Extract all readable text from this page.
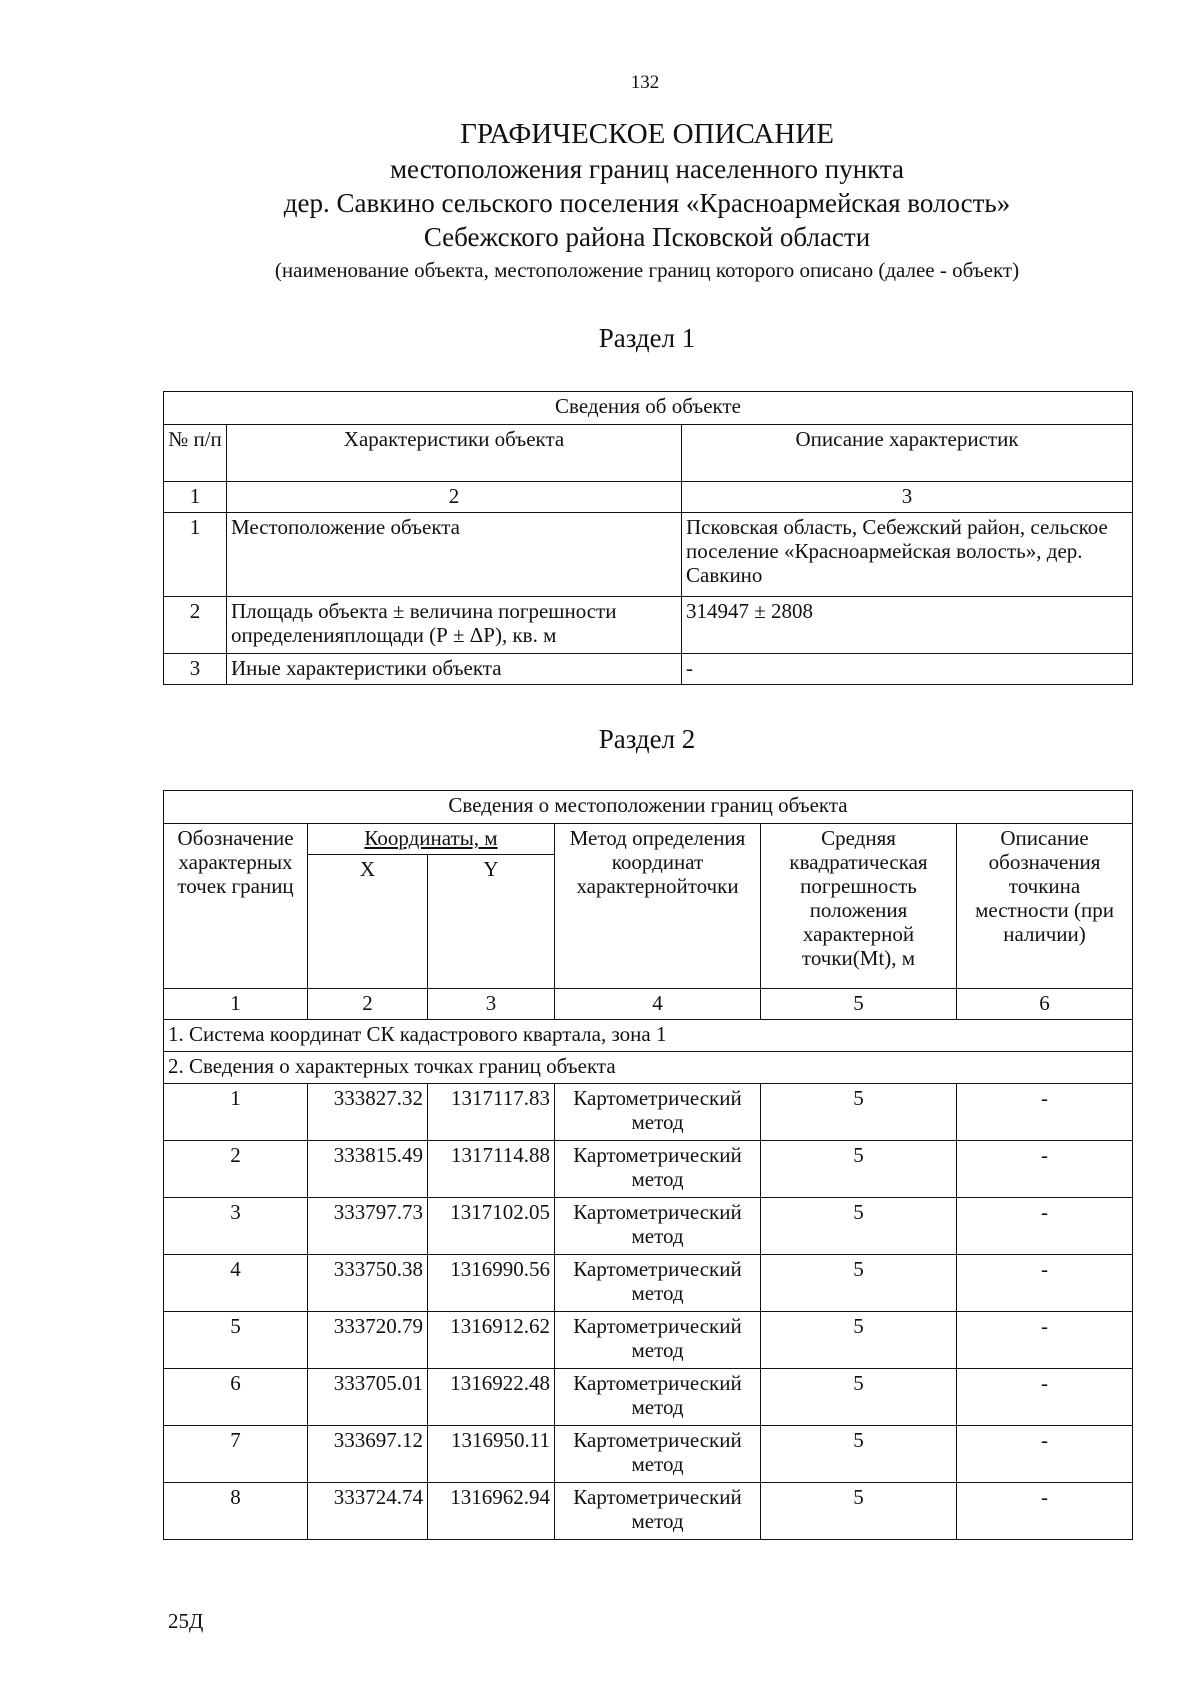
132
ГРАФИЧЕСКОЕ ОПИСАНИЕ
местоположения границ населенного пункта
дер. Савкино сельского поселения «Красноармейская волость»
Себежского района Псковской области
(наименование объекта, местоположение границ которого описано (далее - объект)
Раздел 1
Сведения об объекте		
№ п/п	Характеристики объекта	Описание характеристик
1	2	3
1	Местоположение объекта	Псковская область, Себежский район, сельское поселение «Красноармейская волость», дер. Савкино
2	Площадь объекта ± величина погрешности определенияплощади (Р ± ΔР), кв. м	314947 ± 2808
3	Иные характеристики объекта	-
Раздел 2
Сведения о местоположении границ объекта					
Обозначение характерных точек границ	Координаты, м		Метод определения координат характернойточки	Средняя квадратическая погрешность положения характерной точки(Mt), м	Описание обозначения точкина местности (при наличии)
	X	Y			
1	2	3	4	5	6
1. Система координат СК кадастрового квартала, зона 1					
2. Сведения о характерных точках границ объекта					
1	333827.32	1317117.83	Картометрический метод	5	-
2	333815.49	1317114.88	Картометрический метод	5	-
3	333797.73	1317102.05	Картометрический метод	5	-
4	333750.38	1316990.56	Картометрический метод	5	-
5	333720.79	1316912.62	Картометрический метод	5	-
6	333705.01	1316922.48	Картометрический метод	5	-
7	333697.12	1316950.11	Картометрический метод	5	-
8	333724.74	1316962.94	Картометрический метод	5	-
25Д
